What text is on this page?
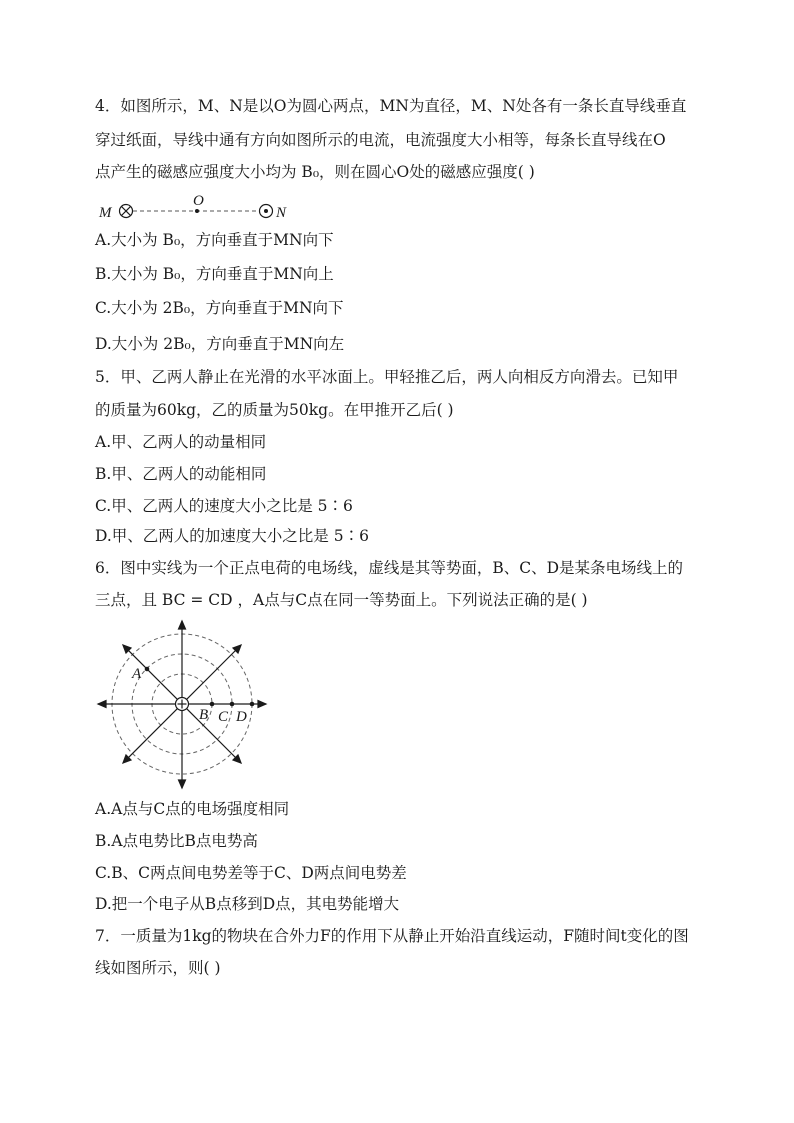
4．如图所示，M、N是以O为圆心两点，MN为直径，M、N处各有一条长直导线垂直
穿过纸面，导线中通有方向如图所示的电流，电流强度大小相等，每条长直导线在O
点产生的磁感应强度大小均为 B₀，则在圆心O处的磁感应强度( )
M
O
N
A.大小为 B₀，方向垂直于MN向下
B.大小为 B₀，方向垂直于MN向上
C.大小为 2B₀，方向垂直于MN向下
D.大小为 2B₀，方向垂直于MN向左
5．甲、乙两人静止在光滑的水平冰面上。甲轻推乙后，两人向相反方向滑去。已知甲
的质量为60kg，乙的质量为50kg。在甲推开乙后( )
A.甲、乙两人的动量相同
B.甲、乙两人的动能相同
C.甲、乙两人的速度大小之比是 5∶6
D.甲、乙两人的加速度大小之比是 5∶6
6．图中实线为一个正点电荷的电场线，虚线是其等势面，B、C、D是某条电场线上的
三点，且 BC = CD ，A点与C点在同一等势面上。下列说法正确的是( )
A
B C D
A.A点与C点的电场强度相同
B.A点电势比B点电势高
C.B、C两点间电势差等于C、D两点间电势差
D.把一个电子从B点移到D点，其电势能增大
7．一质量为1kg的物块在合外力F的作用下从静止开始沿直线运动，F随时间t变化的图
线如图所示，则( )
